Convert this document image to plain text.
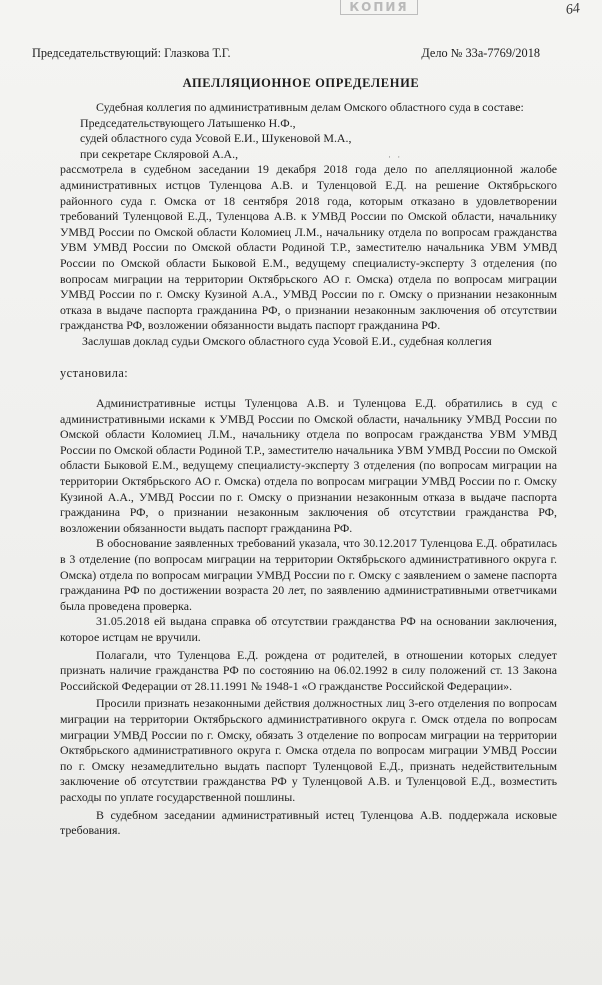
КОПИЯ	64
Председательствующий: Глазкова Т.Г.	Дело № 33а-7769/2018
АПЕЛЛЯЦИОННОЕ ОПРЕДЕЛЕНИЕ
· ·

Судебная коллегия по административным делам Омского областного суда в составе:

Председательствующего Латышенко Н.Ф.,

судей областного суда Усовой Е.И., Шукеновой М.А.,

при секретаре Скляровой А.А.,

рассмотрела в судебном заседании 19 декабря 2018 года дело по апелляционной жалобе административных истцов Туленцова А.В. и Туленцовой Е.Д. на решение Октябрьского районного суда г. Омска от 18 сентября 2018 года, которым отказано в удовлетворении требований Туленцовой Е.Д., Туленцова А.В. к УМВД России по Омской области, начальнику УМВД России по Омской области Коломиец Л.М., начальнику отдела по вопросам гражданства УВМ УМВД России по Омской области Родиной Т.Р., заместителю начальника УВМ УМВД России по Омской области Быковой Е.М., ведущему специалисту-эксперту 3 отделения (по вопросам миграции на территории Октябрьского АО г. Омска) отдела по вопросам миграции УМВД России по г. Омску Кузиной А.А., УМВД России по г. Омску о признании незаконным отказа в выдаче паспорта гражданина РФ, о признании незаконным заключения об отсутствии гражданства РФ, возложении обязанности выдать паспорт гражданина РФ.

Заслушав доклад судьи Омского областного суда Усовой Е.И., судебная коллегия

установила:

Административные истцы Туленцова А.В. и Туленцова Е.Д. обратились в суд с административными исками к УМВД России по Омской области, начальнику УМВД России по Омской области Коломиец Л.М., начальнику отдела по вопросам гражданства УВМ УМВД России по Омской области Родиной Т.Р., заместителю начальника УВМ УМВД России по Омской области Быковой Е.М., ведущему специалисту-эксперту 3 отделения (по вопросам миграции на территории Октябрьского АО г. Омска) отдела по вопросам миграции УМВД России по г. Омску Кузиной А.А., УМВД России по г. Омску о признании незаконным отказа в выдаче паспорта гражданина РФ, о признании незаконным заключения об отсутствии гражданства РФ, возложении обязанности выдать паспорт гражданина РФ.

В обоснование заявленных требований указала, что 30.12.2017 Туленцова Е.Д. обратилась в 3 отделение (по вопросам миграции на территории Октябрьского административного округа г. Омска) отдела по вопросам миграции УМВД России по г. Омску с заявлением о замене паспорта гражданина РФ по достижении возраста 20 лет, по заявлению административными ответчиками была проведена проверка.

31.05.2018 ей выдана справка об отсутствии гражданства РФ на основании заключения, которое истцам не вручили.

Полагали, что Туленцова Е.Д. рождена от родителей, в отношении которых следует признать наличие гражданства РФ по состоянию на 06.02.1992 в силу положений ст. 13 Закона Российской Федерации от 28.11.1991 № 1948-1 «О гражданстве Российской Федерации».

Просили признать незаконными действия должностных лиц 3-его отделения по вопросам миграции на территории Октябрьского административного округа г. Омск отдела по вопросам миграции УМВД России по г. Омску, обязать 3 отделение по вопросам миграции на территории Октябрьского административного округа г. Омска отдела по вопросам миграции УМВД России по г. Омску незамедлительно выдать паспорт Туленцовой Е.Д., признать недействительным заключение об отсутствии гражданства РФ у Туленцовой А.В. и Туленцовой Е.Д., возместить расходы по уплате государственной пошлины.

В судебном заседании административный истец Туленцова А.В. поддержала исковые требования.
